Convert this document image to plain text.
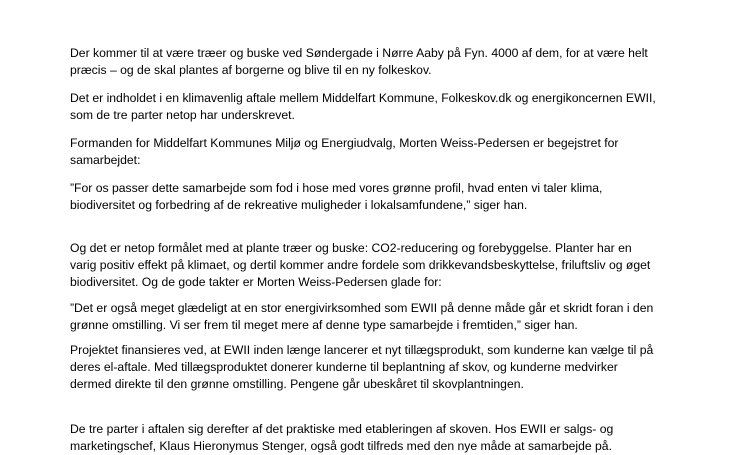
Der kommer til at være træer og buske ved Søndergade i Nørre Aaby på Fyn. 4000 af dem, for at være helt
præcis – og de skal plantes af borgerne og blive til en ny folkeskov.
Det er indholdet i en klimavenlig aftale mellem Middelfart Kommune, Folkeskov.dk og energikoncernen EWII,
som de tre parter netop har underskrevet.
Formanden for Middelfart Kommunes Miljø og Energiudvalg, Morten Weiss-Pedersen er begejstret for
samarbejdet:
”For os passer dette samarbejde som fod i hose med vores grønne profil, hvad enten vi taler klima,
biodiversitet og forbedring af de rekreative muligheder i lokalsamfundene,” siger han.
Og det er netop formålet med at plante træer og buske: CO2-reducering og forebyggelse. Planter har en
varig positiv effekt på klimaet, og dertil kommer andre fordele som drikkevandsbeskyttelse, friluftsliv og øget
biodiversitet. Og de gode takter er Morten Weiss-Pedersen glade for:
”Det er også meget glædeligt at en stor energivirksomhed som EWII på denne måde går et skridt foran i den
grønne omstilling. Vi ser frem til meget mere af denne type samarbejde i fremtiden,” siger han.
Projektet finansieres ved, at EWII inden længe lancerer et nyt tillægsprodukt, som kunderne kan vælge til på
deres el-aftale. Med tillægsproduktet donerer kunderne til beplantning af skov, og kunderne medvirker
dermed direkte til den grønne omstilling. Pengene går ubeskåret til skovplantningen.
De tre parter i aftalen sig derefter af det praktiske med etableringen af skoven. Hos EWII er salgs- og
marketingschef, Klaus Hieronymus Stenger, også godt tilfreds med den nye måde at samarbejde på.
